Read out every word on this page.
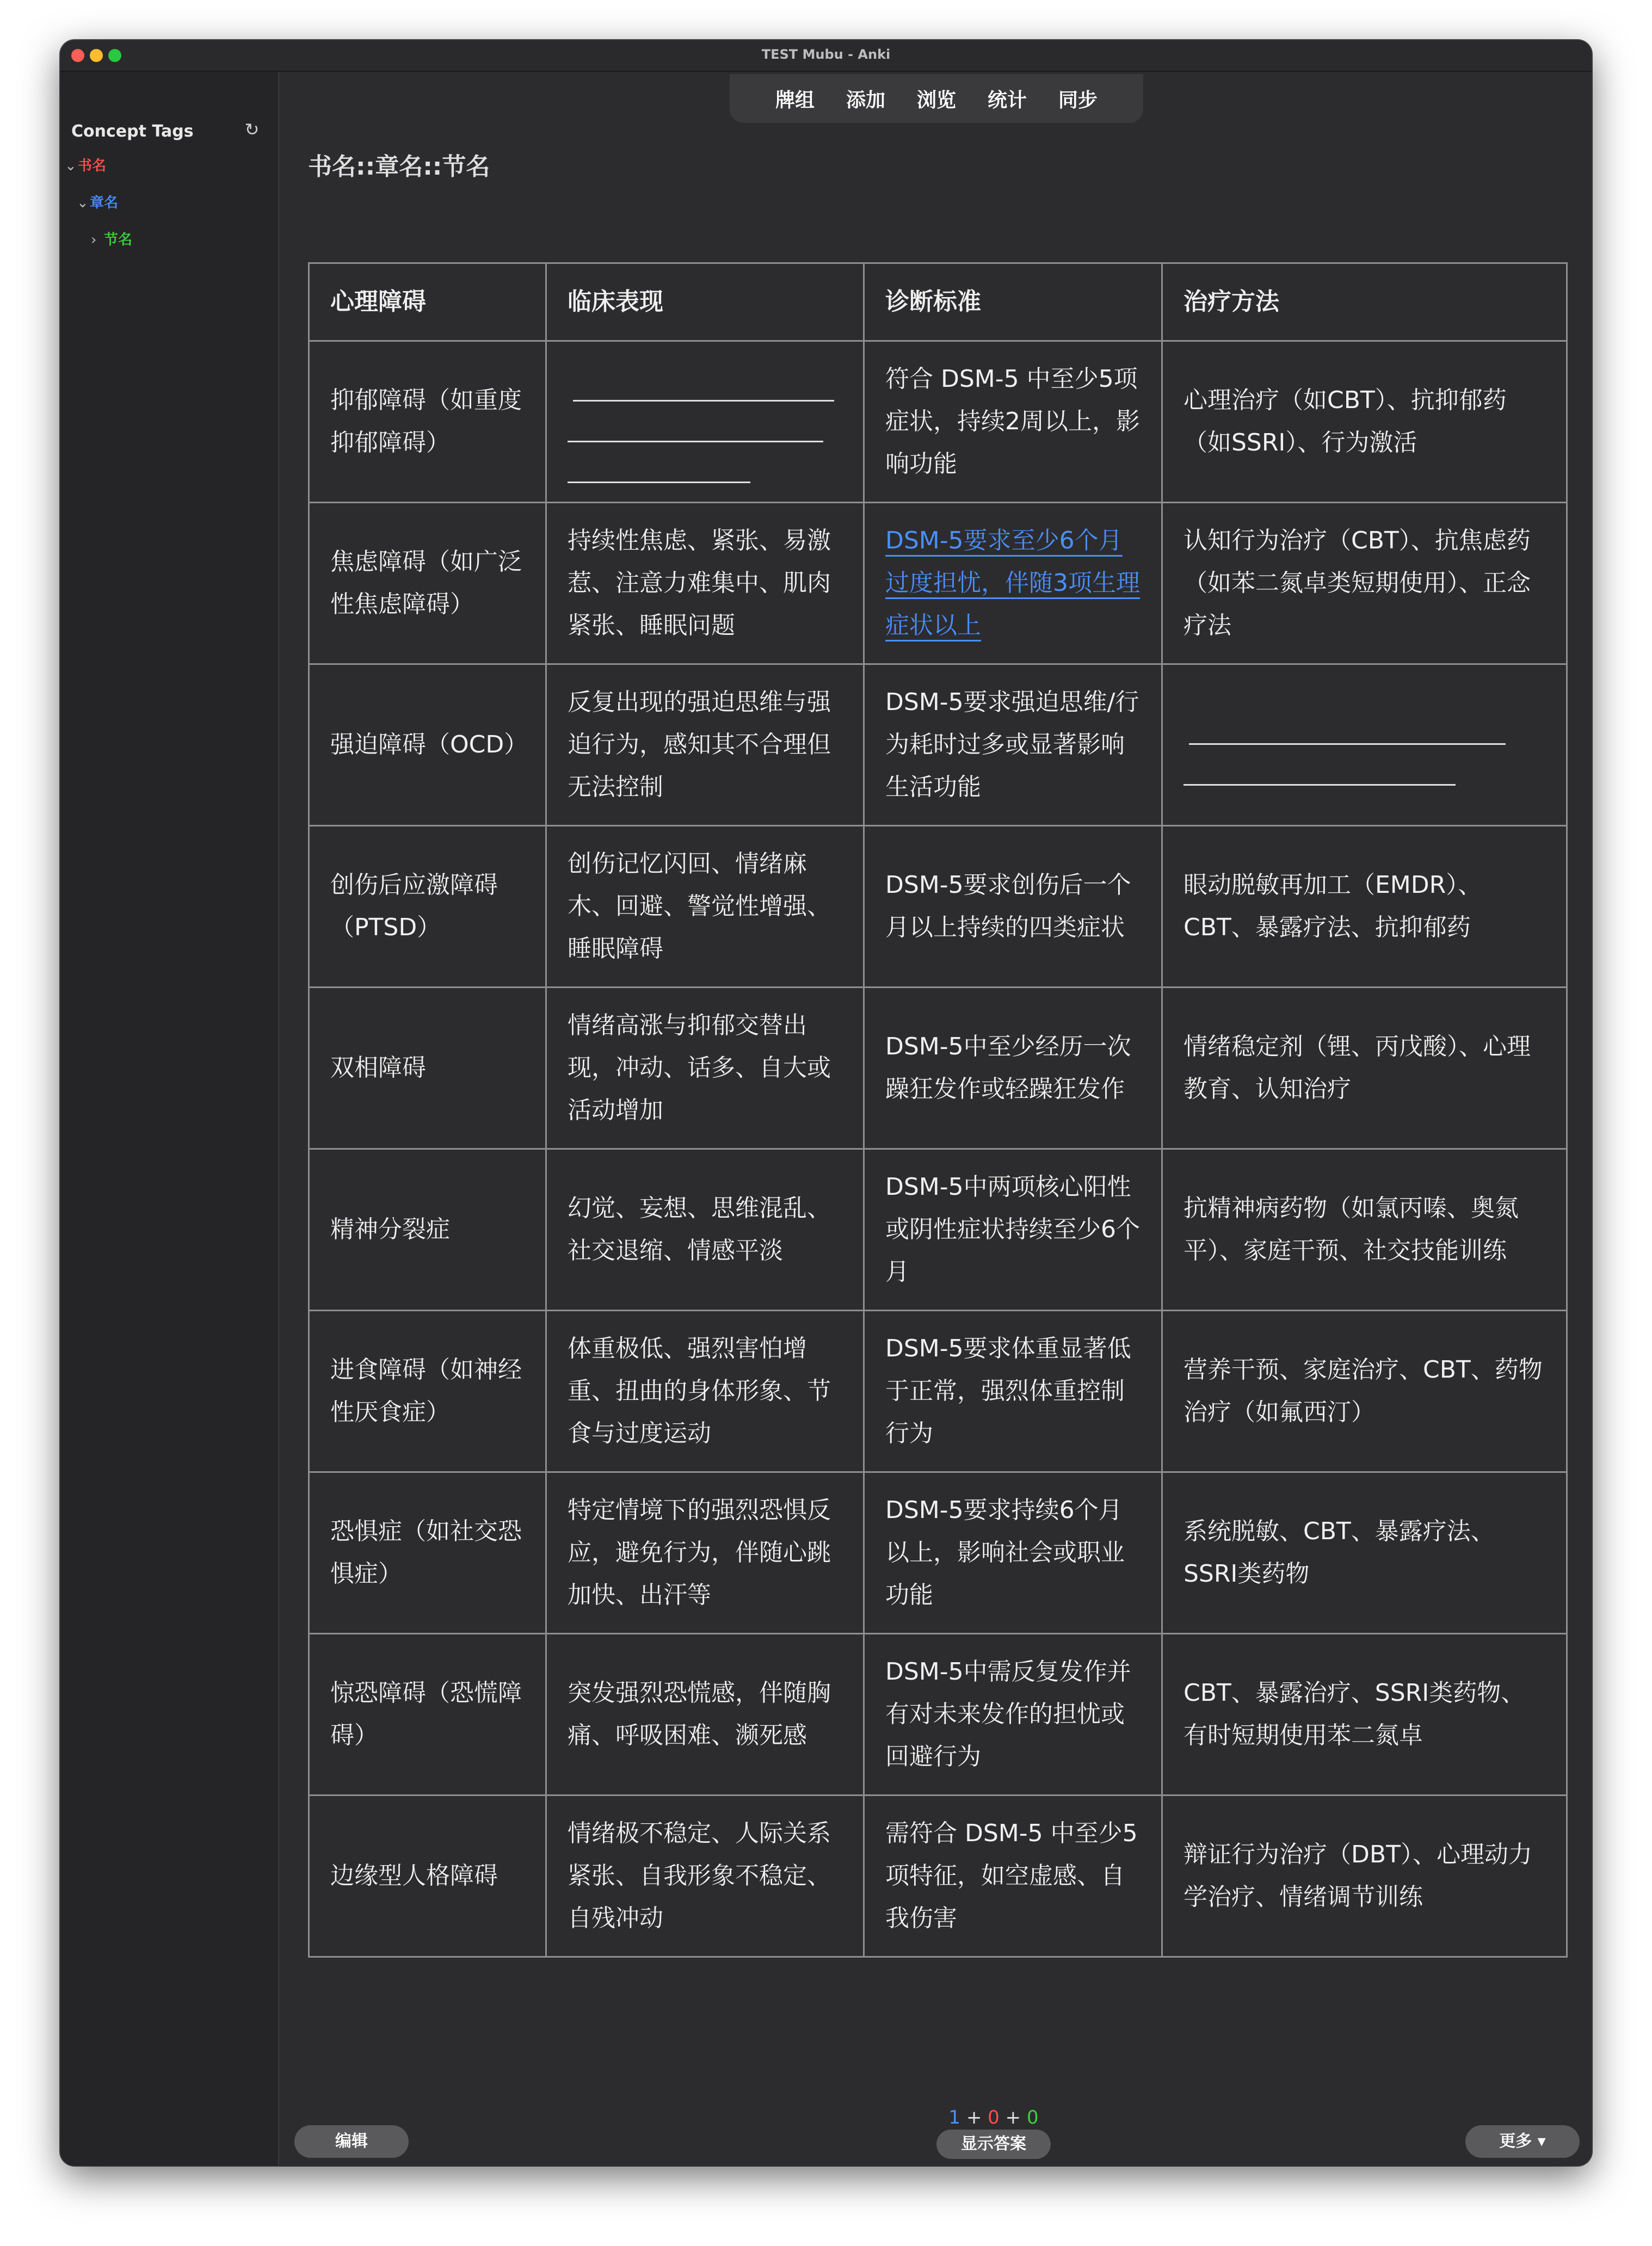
TEST Mubu - Anki
Concept Tags	↻
⌄书名
⌄章名
› 节名
牌组 添加 浏览 统计 同步
书名::章名::节名
心理障碍	临床表现	诊断标准	治疗方法
抑郁障碍（如重度抑郁障碍）		符合 DSM-5 中至少5项症状，持续2周以上，影响功能	心理治疗（如CBT）、抗抑郁药（如SSRI）、行为激活
焦虑障碍（如广泛性焦虑障碍）	持续性焦虑、紧张、易激惹、注意力难集中、肌肉紧张、睡眠问题	DSM-5要求至少6个月过度担忧，伴随3项生理症状以上	认知行为治疗（CBT）、抗焦虑药（如苯二氮卓类短期使用）、正念疗法
强迫障碍（OCD）	反复出现的强迫思维与强迫行为，感知其不合理但无法控制	DSM-5要求强迫思维/行为耗时过多或显著影响生活功能	

创伤后应激障碍（PTSD）	创伤记忆闪回、情绪麻木、回避、警觉性增强、睡眠障碍	DSM-5要求创伤后一个月以上持续的四类症状	眼动脱敏再加工（EMDR）、CBT、暴露疗法、抗抑郁药
双相障碍	情绪高涨与抑郁交替出现，冲动、话多、自大或活动增加	DSM-5中至少经历一次躁狂发作或轻躁狂发作	情绪稳定剂（锂、丙戊酸）、心理教育、认知治疗
精神分裂症	幻觉、妄想、思维混乱、社交退缩、情感平淡	DSM-5中两项核心阳性或阴性症状持续至少6个月	抗精神病药物（如氯丙嗪、奥氮平）、家庭干预、社交技能训练
进食障碍（如神经性厌食症）	体重极低、强烈害怕增重、扭曲的身体形象、节食与过度运动	DSM-5要求体重显著低于正常，强烈体重控制行为	营养干预、家庭治疗、CBT、药物治疗（如氟西汀）
恐惧症（如社交恐惧症）	特定情境下的强烈恐惧反应，避免行为，伴随心跳加快、出汗等	DSM-5要求持续6个月以上，影响社会或职业功能	系统脱敏、CBT、暴露疗法、SSRI类药物
惊恐障碍（恐慌障碍）	突发强烈恐慌感，伴随胸痛、呼吸困难、濒死感	DSM-5中需反复发作并有对未来发作的担忧或回避行为	CBT、暴露治疗、SSRI类药物、有时短期使用苯二氮卓
边缘型人格障碍	情绪极不稳定、人际关系紧张、自我形象不稳定、自残冲动	需符合 DSM-5 中至少5项特征，如空虚感、自我伤害	辩证行为治疗（DBT）、心理动力学治疗、情绪调节训练
编辑
1 + 0 + 0
显示答案	更多 ▾
